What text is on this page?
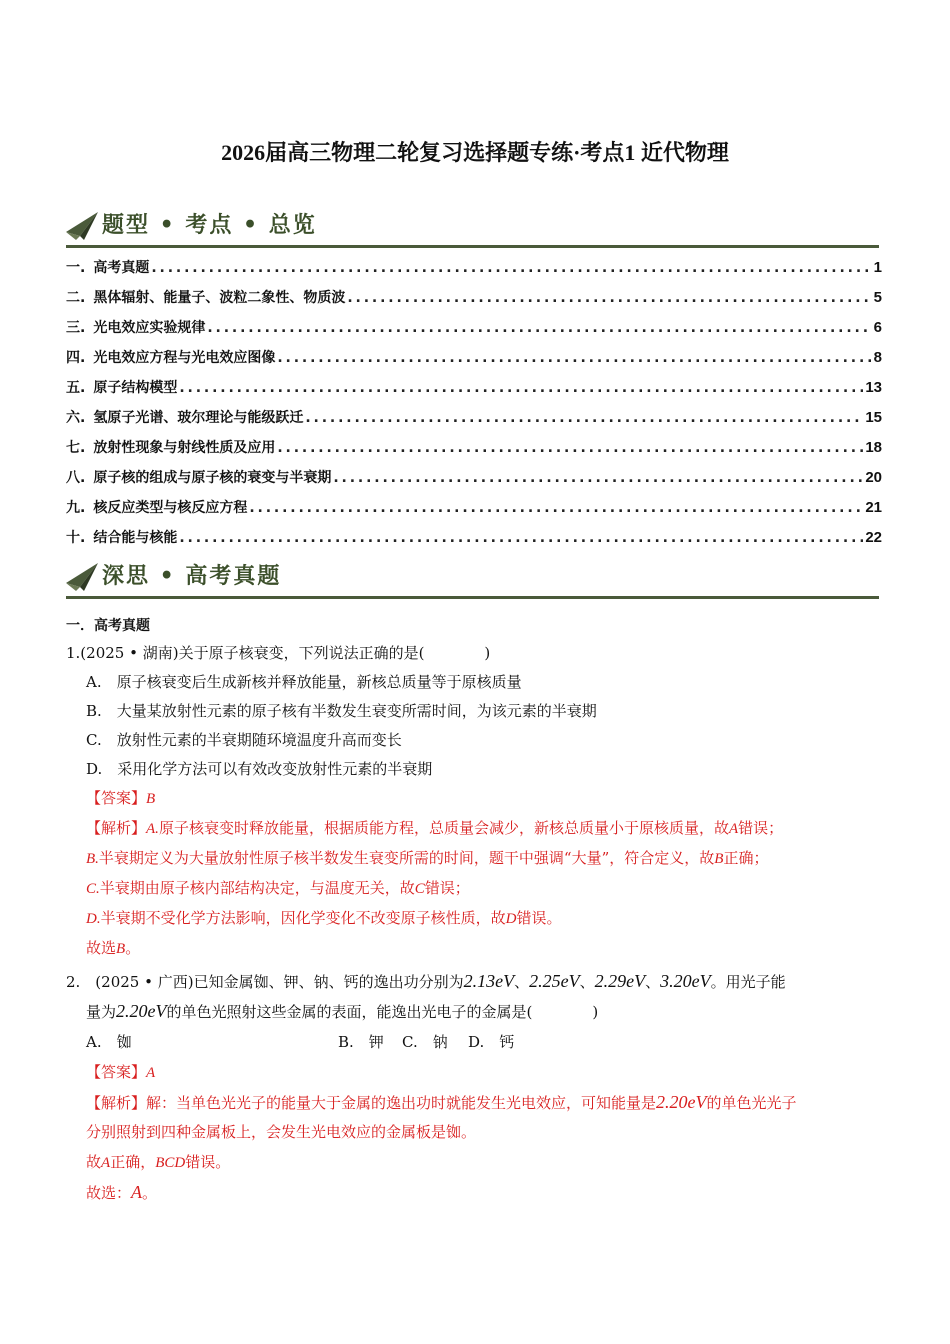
2026届高三物理二轮复习选择题专练·考点1 近代物理
题型 • 考点 • 总览
一. 高考真题 . . .	1
二. 黑体辐射、能量子、波粒二象性、物质波 . . .	5
三. 光电效应实验规律 . . .	6
四. 光电效应方程与光电效应图像 . . .	8
五. 原子结构模型 . . .	13
六. 氢原子光谱、玻尔理论与能级跃迁 . . .	15
七. 放射性现象与射线性质及应用 . . .	18
八. 原子核的组成与原子核的衰变与半衰期 . . .	20
九. 核反应类型与核反应方程 . . .	21
十. 结合能与核能 . . .	22
深思 • 高考真题
一．高考真题
1.(2025 • 湖南)关于原子核衰变，下列说法正确的是(　　　　)
A.　原子核衰变后生成新核并释放能量，新核总质量等于原核质量
B.　大量某放射性元素的原子核有半数发生衰变所需时间，为该元素的半衰期
C.　放射性元素的半衰期随环境温度升高而变长
D.　采用化学方法可以有效改变放射性元素的半衰期
【答案】B
【解析】A.原子核衰变时释放能量，根据质能方程，总质量会减少，新核总质量小于原核质量，故A错误；
B.半衰期定义为大量放射性原子核半数发生衰变所需的时间，题干中强调“大量”，符合定义，故B正确；
C.半衰期由原子核内部结构决定，与温度无关，故C错误；
D.半衰期不受化学方法影响，因化学变化不改变原子核性质，故D错误。
故选B。
2.　(2025 • 广西)已知金属铷、钾、钠、钙的逸出功分别为2.13eV、2.25eV、2.29eV、3.20eV。用光子能
量为2.20eV的单色光照射这些金属的表面，能逸出光电子的金属是(　　　　)
A.　铷	B.　钾 C.　钠 D.　钙
【答案】A
【解析】解：当单色光光子的能量大于金属的逸出功时就能发生光电效应，可知能量是2.20eV的单色光光子
分别照射到四种金属板上，会发生光电效应的金属板是铷。
故A正确，BCD错误。
故选：A。
